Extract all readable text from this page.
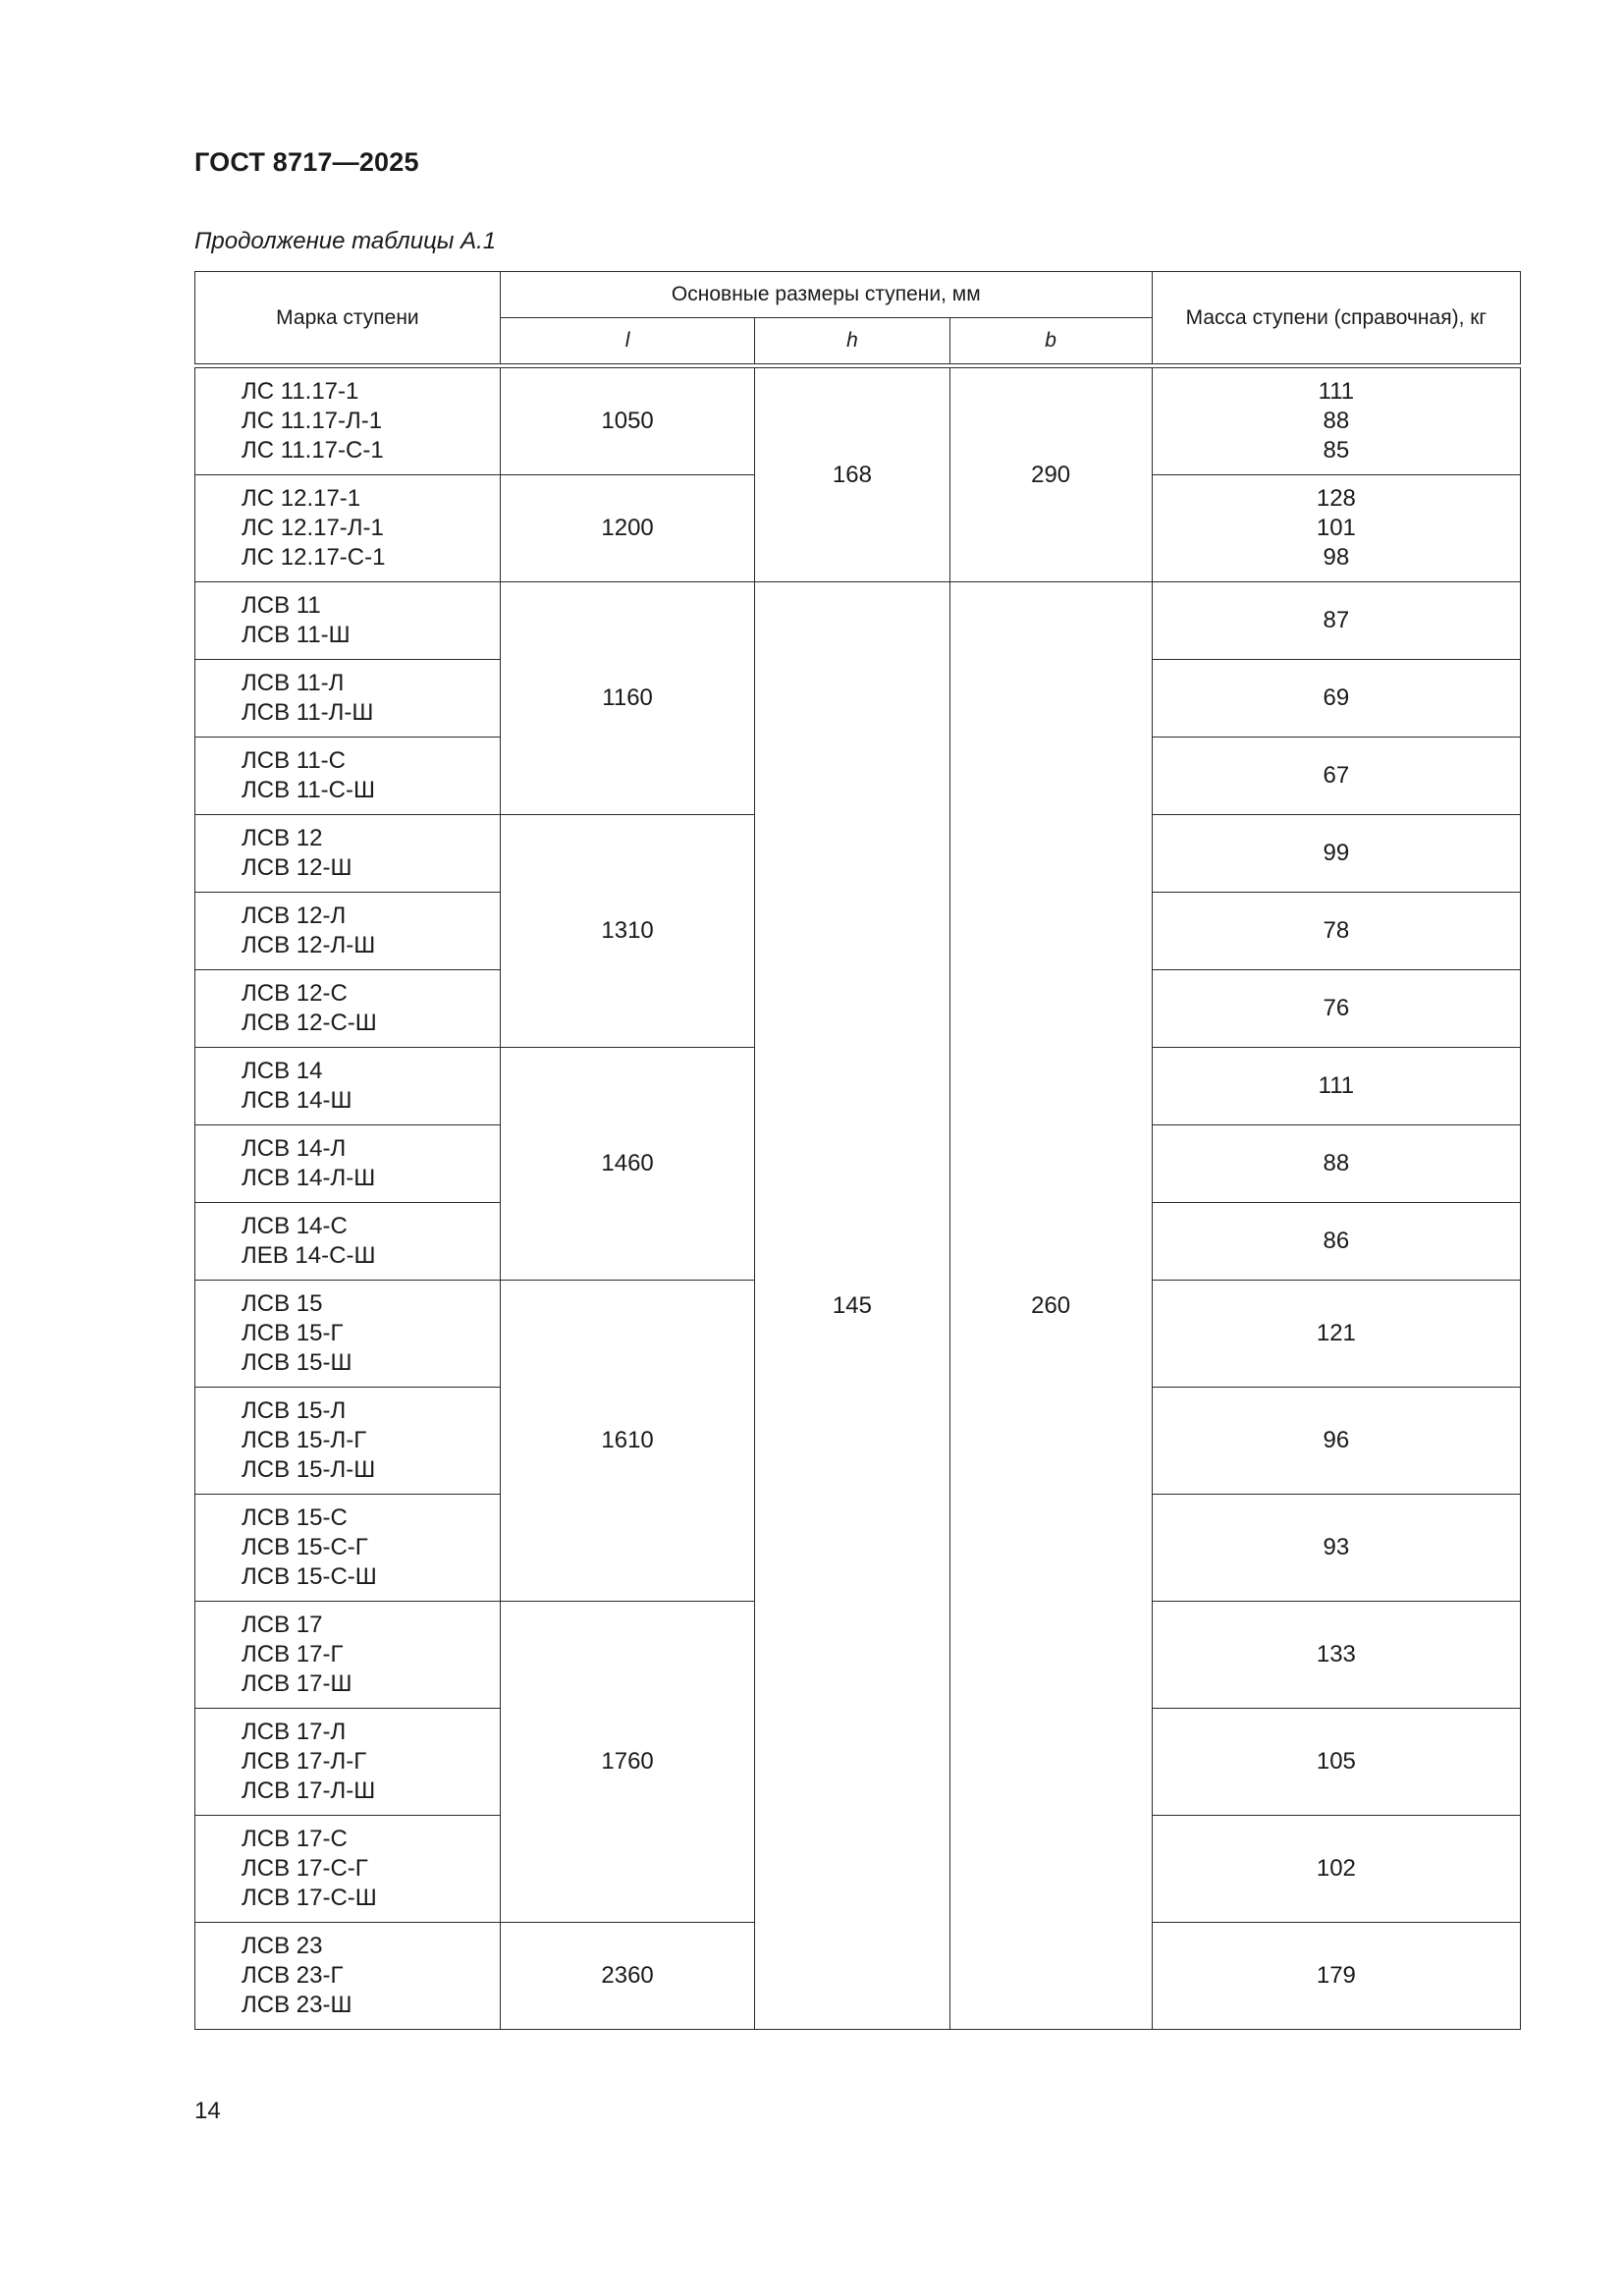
ГОСТ 8717—2025
Продолжение таблицы А.1
Марка ступени	Основные размеры ступени, мм			Масса ступени (справочная), кг
	l	h	b	

ЛС 11.17-1
ЛС 11.17-Л-1
ЛС 11.17-С-1	1050	168	290	111
88
85

ЛС 12.17-1
ЛС 12.17-Л-1
ЛС 12.17-С-1	1200			128
101
98

ЛСВ 11
ЛСВ 11-Ш	1160	145	260	87

ЛСВ 11-Л
ЛСВ 11-Л-Ш				69

ЛСВ 11-С
ЛСВ 11-С-Ш				67

ЛСВ 12
ЛСВ 12-Ш	1310			99

ЛСВ 12-Л
ЛСВ 12-Л-Ш				78

ЛСВ 12-С
ЛСВ 12-С-Ш				76

ЛСВ 14
ЛСВ 14-Ш	1460			111

ЛСВ 14-Л
ЛСВ 14-Л-Ш				88

ЛСВ 14-С
ЛЕВ 14-С-Ш				86

ЛСВ 15
ЛСВ 15-Г
ЛСВ 15-Ш	1610			121

ЛСВ 15-Л
ЛСВ 15-Л-Г
ЛСВ 15-Л-Ш				96

ЛСВ 15-С
ЛСВ 15-С-Г
ЛСВ 15-С-Ш				93

ЛСВ 17
ЛСВ 17-Г
ЛСВ 17-Ш	1760			133

ЛСВ 17-Л
ЛСВ 17-Л-Г
ЛСВ 17-Л-Ш				105

ЛСВ 17-С
ЛСВ 17-С-Г
ЛСВ 17-С-Ш				102

ЛСВ 23
ЛСВ 23-Г
ЛСВ 23-Ш	2360			179
14
